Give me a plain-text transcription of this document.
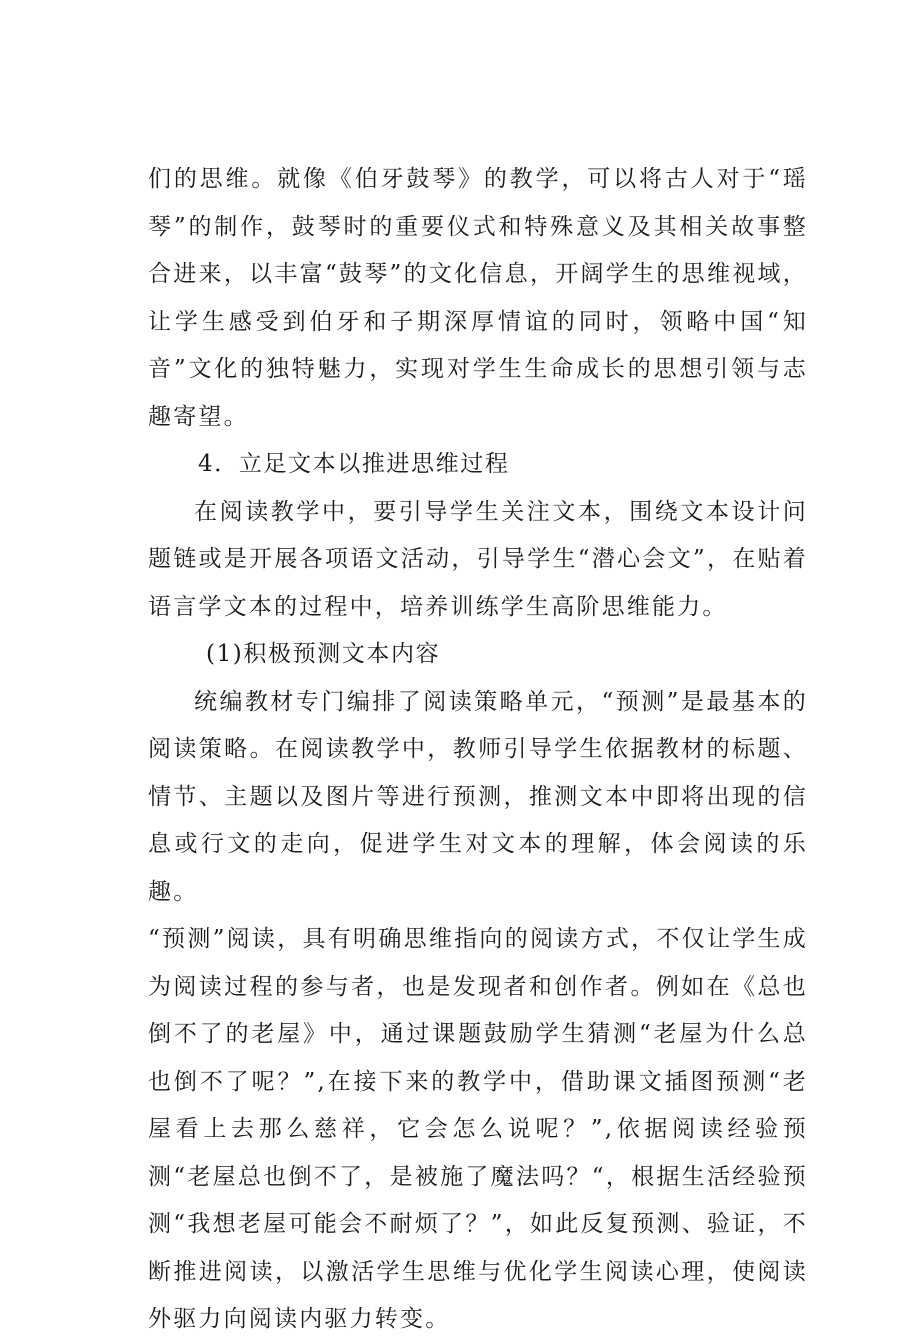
们的思维。就像《伯牙鼓琴》的教学，可以将古人对于“瑶琴”的制作，鼓琴时的重要仪式和特殊意义及其相关故事整合进来，以丰富“鼓琴”的文化信息，开阔学生的思维视域，让学生感受到伯牙和子期深厚情谊的同时，领略中国“知音”文化的独特魅力，实现对学生生命成长的思想引领与志趣寄望。

4．立足文本以推进思维过程

在阅读教学中，要引导学生关注文本，围绕文本设计问题链或是开展各项语文活动，引导学生“潜心会文”，在贴着语言学文本的过程中，培养训练学生高阶思维能力。

(1)积极预测文本内容

统编教材专门编排了阅读策略单元，“预测”是最基本的阅读策略。在阅读教学中，教师引导学生依据教材的标题、情节、主题以及图片等进行预测，推测文本中即将出现的信息或行文的走向，促进学生对文本的理解，体会阅读的乐趣。

“预测”阅读，具有明确思维指向的阅读方式，不仅让学生成为阅读过程的参与者，也是发现者和创作者。例如在《总也倒不了的老屋》中，通过课题鼓励学生猜测“老屋为什么总也倒不了呢？”,在接下来的教学中，借助课文插图预测“老屋看上去那么慈祥，它会怎么说呢？”,依据阅读经验预测“老屋总也倒不了，是被施了魔法吗？“，根据生活经验预测“我想老屋可能会不耐烦了？”，如此反复预测、验证，不断推进阅读，以激活学生思维与优化学生阅读心理，使阅读外驱力向阅读内驱力转变。
